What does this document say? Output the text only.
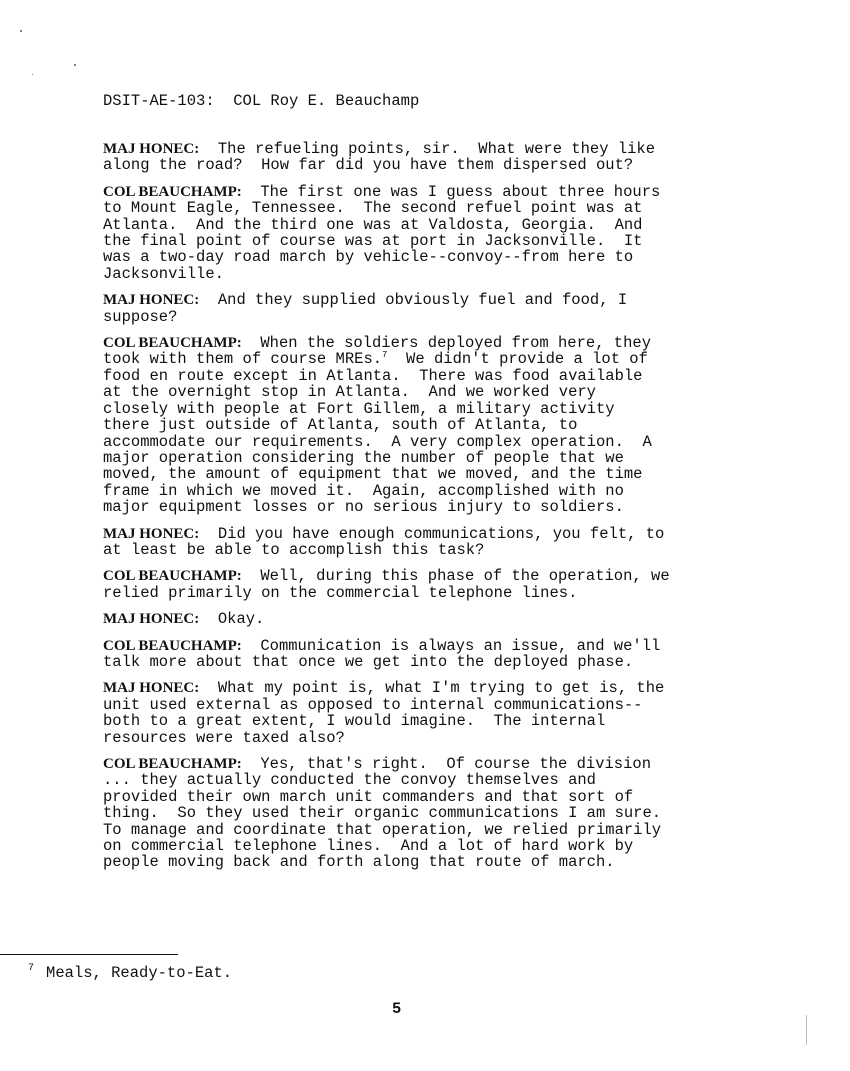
DSIT-AE-103:  COL Roy E. Beauchamp

MAJ HONEC:  The refueling points, sir.  What were they like
along the road?  How far did you have them dispersed out?

COL BEAUCHAMP:  The first one was I guess about three hours
to Mount Eagle, Tennessee.  The second refuel point was at
Atlanta.  And the third one was at Valdosta, Georgia.  And
the final point of course was at port in Jacksonville.  It
was a two-day road march by vehicle--convoy--from here to
Jacksonville.

MAJ HONEC:  And they supplied obviously fuel and food, I
suppose?

COL BEAUCHAMP:  When the soldiers deployed from here, they
took with them of course MREs.$^7$  We didn't provide a lot of
food en route except in Atlanta.  There was food available
at the overnight stop in Atlanta.  And we worked very
closely with people at Fort Gillem, a military activity
there just outside of Atlanta, south of Atlanta, to
accommodate our requirements.  A very complex operation.  A
major operation considering the number of people that we
moved, the amount of equipment that we moved, and the time
frame in which we moved it.  Again, accomplished with no
major equipment losses or no serious injury to soldiers.

MAJ HONEC:  Did you have enough communications, you felt, to
at least be able to accomplish this task?

COL BEAUCHAMP:  Well, during this phase of the operation, we
relied primarily on the commercial telephone lines.

MAJ HONEC:  Okay.

COL BEAUCHAMP:  Communication is always an issue, and we'll
talk more about that once we get into the deployed phase.

MAJ HONEC:  What my point is, what I'm trying to get is, the
unit used external as opposed to internal communications--
both to a great extent, I would imagine.  The internal
resources were taxed also?

COL BEAUCHAMP:  Yes, that's right.  Of course the division
... they actually conducted the convoy themselves and
provided their own march unit commanders and that sort of
thing.  So they used their organic communications I am sure.
To manage and coordinate that operation, we relied primarily
on commercial telephone lines.  And a lot of hard work by
people moving back and forth along that route of march.

$^7$ Meals, Ready-to-Eat.
5
